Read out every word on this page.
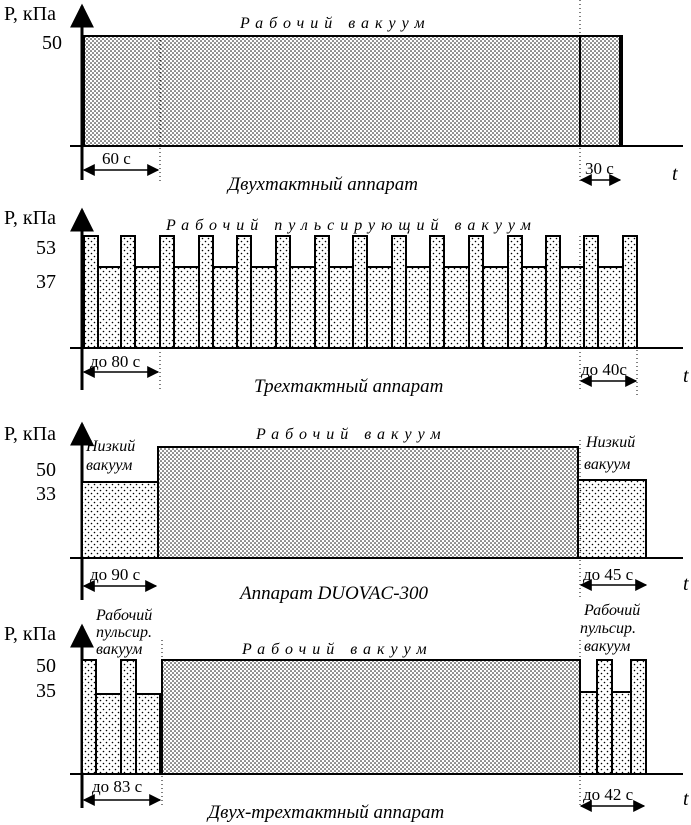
P, кПа
t
50
Рабочий вакуум
60 с
30 с
Двухтактный аппарат
P, кПа
t
53
37
Рабочий пульсирующий вакуум
до 80 с	до 40с
Трехтактный аппарат
P, кПа
t
50
33
Низкий
вакуум
Рабочий вакуум	Низкий
вакуум
до 90 с	до 45 с
Аппарат DUOVAC-300
P, кПа
t
50
35
Рабочий
пульсир.
вакуум	Рабочий вакуум
Рабочий
пульсир.
вакуум
до 83 с	до 42 с
Двух-трехтактный аппарат
